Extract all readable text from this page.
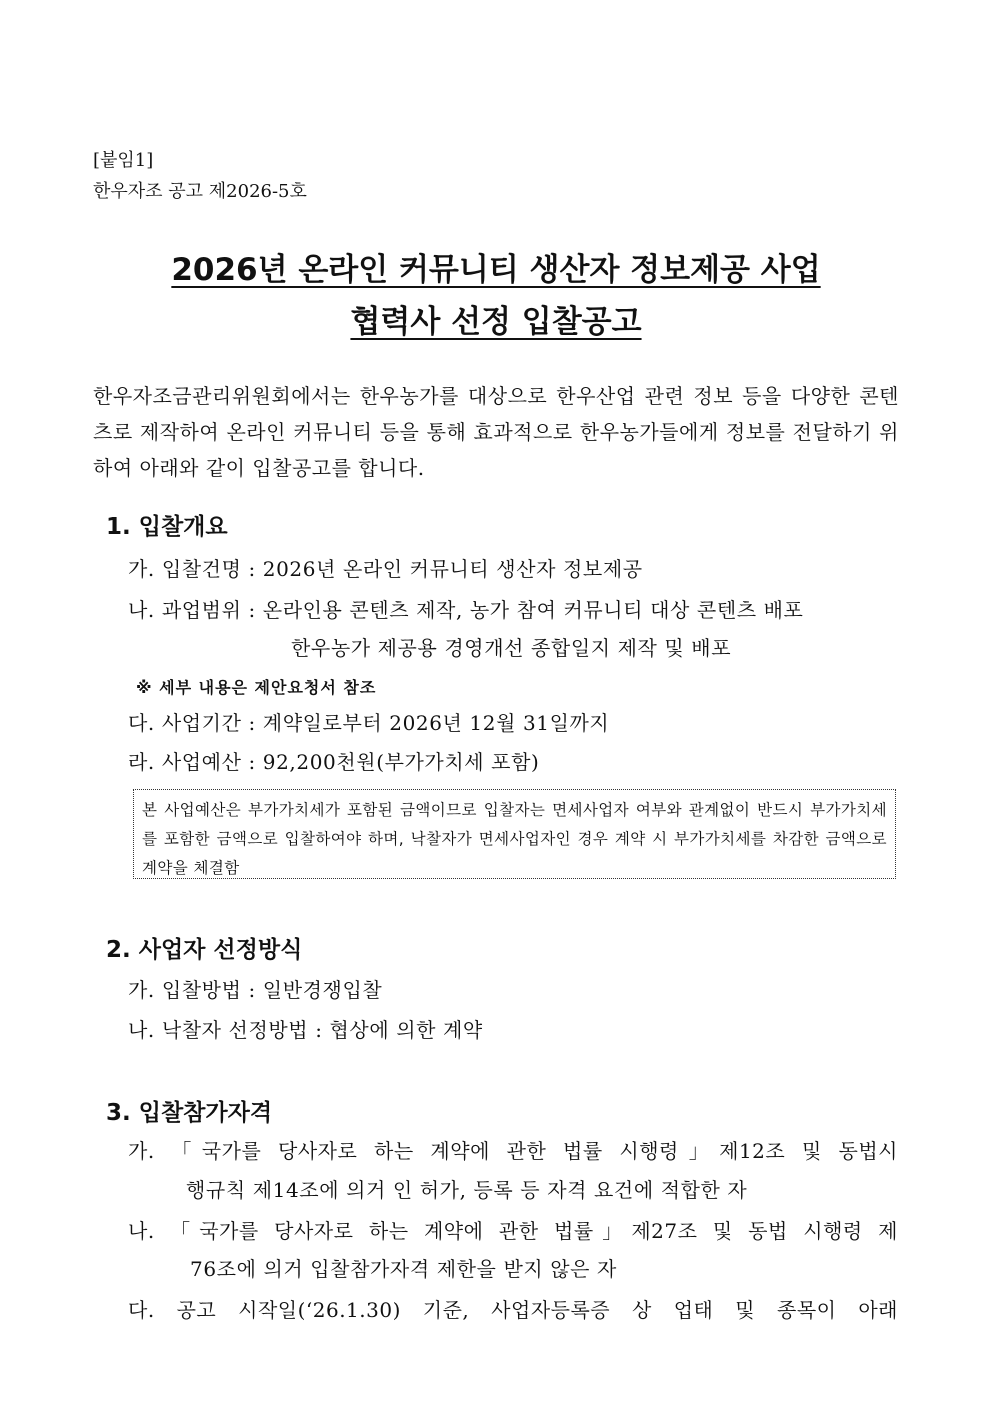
[붙임1]
한우자조 공고 제2026-5호
2026년 온라인 커뮤니티 생산자 정보제공 사업
협력사 선정 입찰공고
한우자조금관리위원회에서는 한우농가를 대상으로 한우산업 관련 정보 등을 다양한 콘텐츠로 제작하여 온라인 커뮤니티 등을 통해 효과적으로 한우농가들에게 정보를 전달하기 위하여 아래와 같이 입찰공고를 합니다.
1. 입찰개요
가. 입찰건명 : 2026년 온라인 커뮤니티 생산자 정보제공
나. 과업범위 : 온라인용 콘텐츠 제작, 농가 참여 커뮤니티 대상 콘텐츠 배포
한우농가 제공용 경영개선 종합일지 제작 및 배포
※ 세부 내용은 제안요청서 참조
다. 사업기간 : 계약일로부터 2026년 12월 31일까지
라. 사업예산 : 92,200천원(부가가치세 포함)

본 사업예산은 부가가치세가 포함된 금액이므로 입찰자는 면세사업자 여부와 관계없이 반드시 부가가치세를 포함한 금액으로 입찰하여야 하며, 낙찰자가 면세사업자인 경우 계약 시 부가가치세를 차감한 금액으로 계약을 체결함

2. 사업자 선정방식
가. 입찰방법 : 일반경쟁입찰
나. 낙찰자 선정방법 : 협상에 의한 계약
3. 입찰참가자격
가. 「국가를 당사자로 하는 계약에 관한 법률 시행령」제12조 및 동법시
행규칙 제14조에 의거 인 허가, 등록 등 자격 요건에 적합한 자
나. 「국가를 당사자로 하는 계약에 관한 법률」제27조 및 동법 시행령 제
76조에 의거 입찰참가자격 제한을 받지 않은 자
다. 공고 시작일(‘26.1.30) 기준, 사업자등록증 상 업태 및 종목이 아래
